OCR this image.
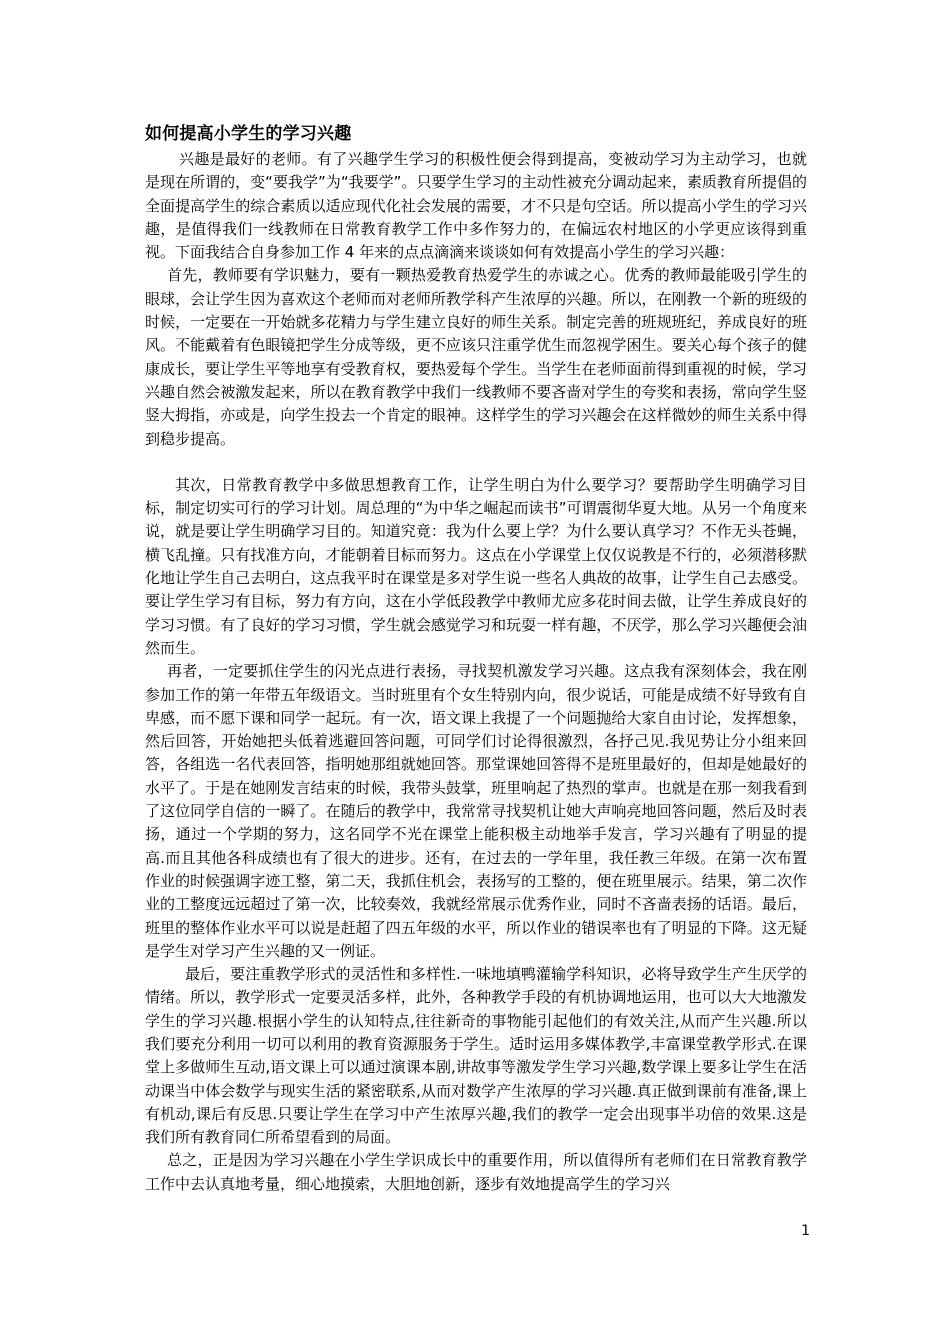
如何提高小学生的学习兴趣

兴趣是最好的老师。有了兴趣学生学习的积极性便会得到提高，变被动学习为主动学习，也就是现在所谓的，变“要我学”为“我要学”。只要学生学习的主动性被充分调动起来，素质教育所提倡的全面提高学生的综合素质以适应现代化社会发展的需要，才不只是句空话。所以提高小学生的学习兴趣，是值得我们一线教师在日常教育教学工作中多作努力的，在偏远农村地区的小学更应该得到重视。下面我结合自身参加工作 4 年来的点点滴滴来谈谈如何有效提高小学生的学习兴趣：

首先，教师要有学识魅力，要有一颗热爱教育热爱学生的赤诚之心。优秀的教师最能吸引学生的眼球，会让学生因为喜欢这个老师而对老师所教学科产生浓厚的兴趣。所以，在刚教一个新的班级的时候，一定要在一开始就多花精力与学生建立良好的师生关系。制定完善的班规班纪，养成良好的班风。不能戴着有色眼镜把学生分成等级，更不应该只注重学优生而忽视学困生。要关心每个孩子的健康成长，要让学生平等地享有受教育权，要热爱每个学生。当学生在老师面前得到重视的时候，学习兴趣自然会被激发起来，所以在教育教学中我们一线教师不要吝啬对学生的夸奖和表扬，常向学生竖竖大拇指，亦或是，向学生投去一个肯定的眼神。这样学生的学习兴趣会在这样微妙的师生关系中得到稳步提高。

其次，日常教育教学中多做思想教育工作，让学生明白为什么要学习？要帮助学生明确学习目标，制定切实可行的学习计划。周总理的“为中华之崛起而读书”可谓震彻华夏大地。从另一个角度来说，就是要让学生明确学习目的。知道究竟：我为什么要上学？为什么要认真学习？不作无头苍蝇，横飞乱撞。只有找准方向，才能朝着目标而努力。这点在小学课堂上仅仅说教是不行的，必须潜移默化地让学生自己去明白，这点我平时在课堂是多对学生说一些名人典故的故事，让学生自己去感受。要让学生学习有目标，努力有方向，这在小学低段教学中教师尤应多花时间去做，让学生养成良好的学习习惯。有了良好的学习习惯，学生就会感觉学习和玩耍一样有趣，不厌学，那么学习兴趣便会油然而生。

再者，一定要抓住学生的闪光点进行表扬，寻找契机激发学习兴趣。这点我有深刻体会，我在刚参加工作的第一年带五年级语文。当时班里有个女生特别内向，很少说话，可能是成绩不好导致有自卑感，而不愿下课和同学一起玩。有一次，语文课上我提了一个问题抛给大家自由讨论，发挥想象，然后回答，开始她把头低着逃避回答问题，可同学们讨论得很激烈，各抒己见.我见势让分小组来回答，各组选一名代表回答，指明她那组就她回答。那堂课她回答得不是班里最好的，但却是她最好的水平了。于是在她刚发言结束的时候，我带头鼓掌，班里响起了热烈的掌声。也就是在那一刻我看到了这位同学自信的一瞬了。在随后的教学中，我常常寻找契机让她大声响亮地回答问题，然后及时表扬，通过一个学期的努力，这名同学不光在课堂上能积极主动地举手发言，学习兴趣有了明显的提高.而且其他各科成绩也有了很大的进步。还有，在过去的一学年里，我任教三年级。在第一次布置作业的时候强调字迹工整，第二天，我抓住机会，表扬写的工整的，便在班里展示。结果，第二次作业的工整度远远超过了第一次，比较奏效，我就经常展示优秀作业，同时不吝啬表扬的话语。最后，班里的整体作业水平可以说是赶超了四五年级的水平，所以作业的错误率也有了明显的下降。这无疑是学生对学习产生兴趣的又一例证。

最后，要注重教学形式的灵活性和多样性.一味地填鸭灌输学科知识，必将导致学生产生厌学的情绪。所以，教学形式一定要灵活多样，此外，各种教学手段的有机协调地运用，也可以大大地激发学生的学习兴趣.根据小学生的认知特点,往往新奇的事物能引起他们的有效关注,从而产生兴趣.所以我们要充分利用一切可以利用的教育资源服务于学生。适时运用多媒体教学,丰富课堂教学形式.在课堂上多做师生互动,语文课上可以通过演课本剧,讲故事等激发学生学习兴趣,数学课上要多让学生在活动课当中体会数学与现实生活的紧密联系,从而对数学产生浓厚的学习兴趣.真正做到课前有准备,课上有机动,课后有反思.只要让学生在学习中产生浓厚兴趣,我们的教学一定会出现事半功倍的效果.这是我们所有教育同仁所希望看到的局面。

总之，正是因为学习兴趣在小学生学识成长中的重要作用，所以值得所有老师们在日常教育教学工作中去认真地考量，细心地摸索，大胆地创新，逐步有效地提高学生的学习兴

1
